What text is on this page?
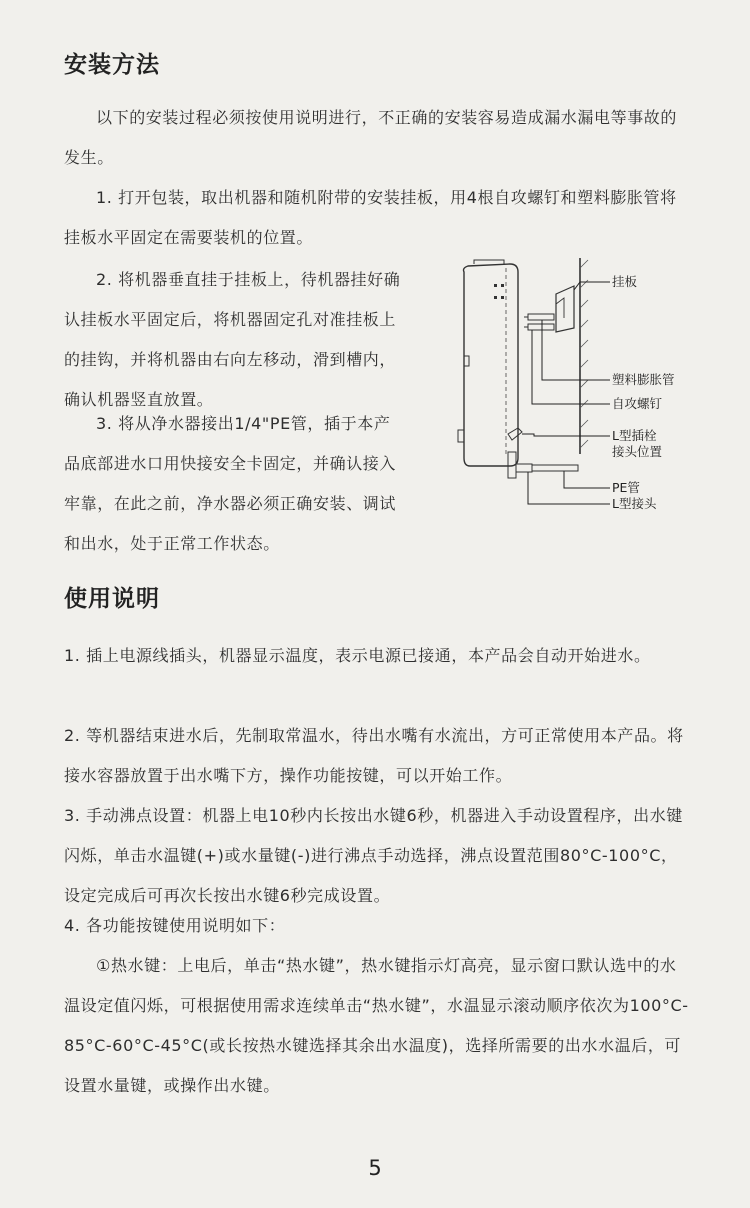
安装方法

以下的安装过程必须按使用说明进行，不正确的安装容易造成漏水漏电等事故的发生。

1. 打开包装，取出机器和随机附带的安装挂板，用4根自攻螺钉和塑料膨胀管将挂板水平固定在需要装机的位置。

2. 将机器垂直挂于挂板上，待机器挂好确认挂板水平固定后，将机器固定孔对准挂板上的挂钩，并将机器由右向左移动，滑到槽内，确认机器竖直放置。

3. 将从净水器接出1/4"PE管，插于本产品底部进水口用快接安全卡固定，并确认接入牢靠，在此之前，净水器必须正确安装、调试和出水，处于正常工作状态。

挂板
塑料膨胀管
自攻螺钉
L型插栓
接头位置
PE管
L型接头
使用说明

1. 插上电源线插头，机器显示温度，表示电源已接通，本产品会自动开始进水。

2. 等机器结束进水后，先制取常温水，待出水嘴有水流出，方可正常使用本产品。将接水容器放置于出水嘴下方，操作功能按键，可以开始工作。

3. 手动沸点设置：机器上电10秒内长按出水键6秒，机器进入手动设置程序，出水键闪烁，单击水温键(+)或水量键(-)进行沸点手动选择，沸点设置范围80°C-100°C，设定完成后可再次长按出水键6秒完成设置。

4. 各功能按键使用说明如下：

①热水键：上电后，单击“热水键”，热水键指示灯高亮，显示窗口默认选中的水温设定值闪烁，可根据使用需求连续单击“热水键”，水温显示滚动顺序依次为100°C-85°C-60°C-45°C(或长按热水键选择其余出水温度)，选择所需要的出水水温后，可设置水量键，或操作出水键。

5
